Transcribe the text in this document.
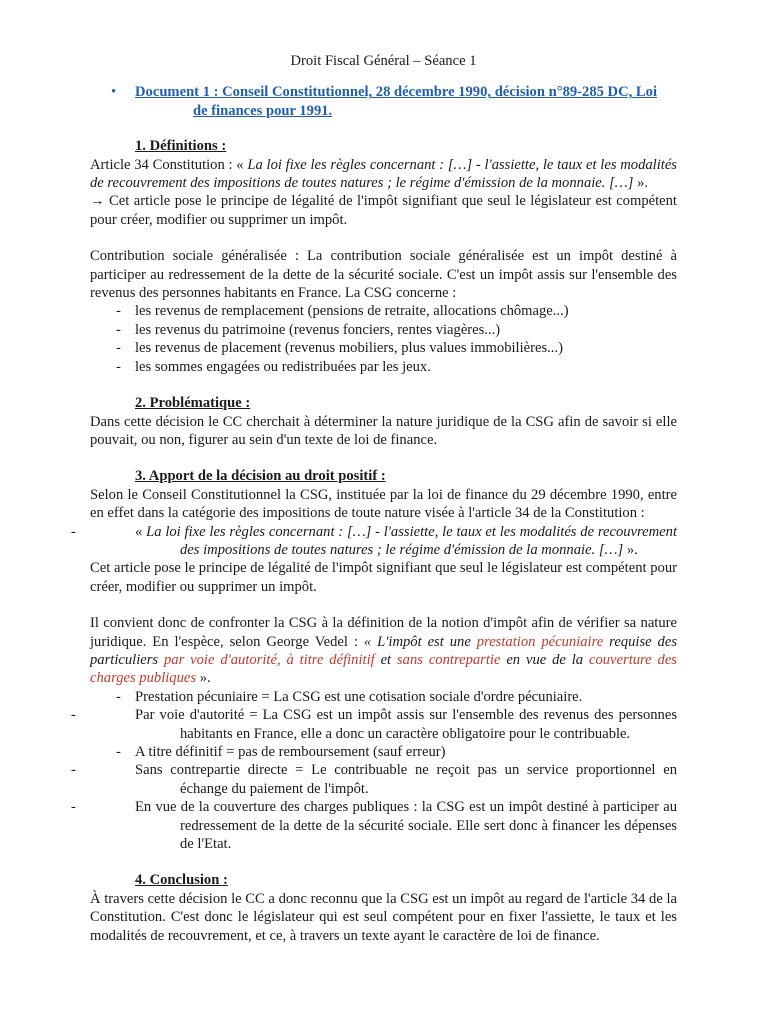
Droit Fiscal Général – Séance 1
• Document 1 : Conseil Constitutionnel, 28 décembre 1990, décision n°89-285 DC, Loi
de finances pour 1991.
1. Définitions :

Article 34 Constitution : « La loi fixe les règles concernant : […] - l'assiette, le taux et les modalités de recouvrement des impositions de toutes natures ; le régime d'émission de la monnaie. […] ».

→ Cet article pose le principe de légalité de l'impôt signifiant que seul le législateur est compétent pour créer, modifier ou supprimer un impôt.

Contribution sociale généralisée : La contribution sociale généralisée est un impôt destiné à participer au redressement de la dette de la sécurité sociale. C'est un impôt assis sur l'ensemble des revenus des personnes habitants en France. La CSG concerne :

- les revenus de remplacement (pensions de retraite, allocations chômage...)
- les revenus du patrimoine (revenus fonciers, rentes viagères...)
- les revenus de placement (revenus mobiliers, plus values immobilières...)
- les sommes engagées ou redistribuées par les jeux.
2. Problématique :

Dans cette décision le CC cherchait à déterminer la nature juridique de la CSG afin de savoir si elle pouvait, ou non, figurer au sein d'un texte de loi de finance.

3. Apport de la décision au droit positif :

Selon le Conseil Constitutionnel la CSG, instituée par la loi de finance du 29 décembre 1990, entre en effet dans la catégorie des impositions de toute nature visée à l'article 34 de la Constitution :

- « La loi fixe les règles concernant : […] - l'assiette, le taux et les modalités de recouvrement des impositions de toutes natures ; le régime d'émission de la monnaie. […] ».

Cet article pose le principe de légalité de l'impôt signifiant que seul le législateur est compétent pour créer, modifier ou supprimer un impôt.

Il convient donc de confronter la CSG à la définition de la notion d'impôt afin de vérifier sa nature juridique. En l'espèce, selon George Vedel : « L'impôt est une prestation pécuniaire requise des particuliers par voie d'autorité, à titre définitif et sans contrepartie en vue de la couverture des charges publiques ».

- Prestation pécuniaire = La CSG est une cotisation sociale d'ordre pécuniaire.
- Par voie d'autorité = La CSG est un impôt assis sur l'ensemble des revenus des personnes habitants en France, elle a donc un caractère obligatoire pour le contribuable.
- A titre définitif = pas de remboursement (sauf erreur)
- Sans contrepartie directe = Le contribuable ne reçoit pas un service proportionnel en échange du paiement de l'impôt.
- En vue de la couverture des charges publiques : la CSG est un impôt destiné à participer au redressement de la dette de la sécurité sociale. Elle sert donc à financer les dépenses de l'Etat.
4. Conclusion :

À travers cette décision le CC a donc reconnu que la CSG est un impôt au regard de l'article 34 de la Constitution. C'est donc le législateur qui est seul compétent pour en fixer l'assiette, le taux et les modalités de recouvrement, et ce, à travers un texte ayant le caractère de loi de finance.
